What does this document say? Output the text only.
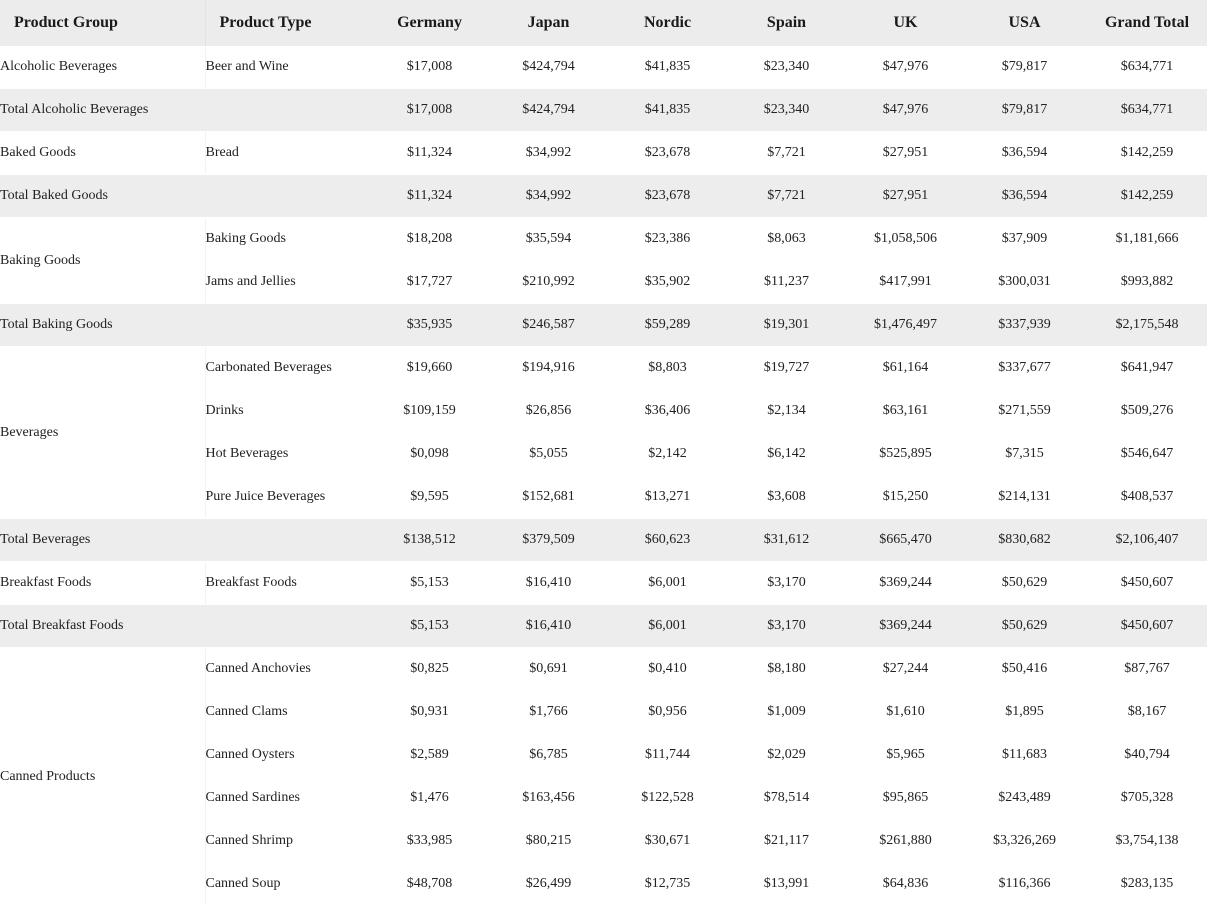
Product Group	Product Type	Germany	Japan	Nordic	Spain	UK	USA	Grand Total
Alcoholic Beverages	Beer and Wine	$17,008	$424,794	$41,835	$23,340	$47,976	$79,817	$634,771
Total Alcoholic Beverages		$17,008	$424,794	$41,835	$23,340	$47,976	$79,817	$634,771
Baked Goods	Bread	$11,324	$34,992	$23,678	$7,721	$27,951	$36,594	$142,259
Total Baked Goods		$11,324	$34,992	$23,678	$7,721	$27,951	$36,594	$142,259
Baking Goods	Baking Goods	$18,208	$35,594	$23,386	$8,063	$1,058,506	$37,909	$1,181,666
	Jams and Jellies	$17,727	$210,992	$35,902	$11,237	$417,991	$300,031	$993,882
Total Baking Goods		$35,935	$246,587	$59,289	$19,301	$1,476,497	$337,939	$2,175,548
Beverages	Carbonated Beverages	$19,660	$194,916	$8,803	$19,727	$61,164	$337,677	$641,947
	Drinks	$109,159	$26,856	$36,406	$2,134	$63,161	$271,559	$509,276
	Hot Beverages	$0,098	$5,055	$2,142	$6,142	$525,895	$7,315	$546,647
	Pure Juice Beverages	$9,595	$152,681	$13,271	$3,608	$15,250	$214,131	$408,537
Total Beverages		$138,512	$379,509	$60,623	$31,612	$665,470	$830,682	$2,106,407
Breakfast Foods	Breakfast Foods	$5,153	$16,410	$6,001	$3,170	$369,244	$50,629	$450,607
Total Breakfast Foods		$5,153	$16,410	$6,001	$3,170	$369,244	$50,629	$450,607
Canned Products	Canned Anchovies	$0,825	$0,691	$0,410	$8,180	$27,244	$50,416	$87,767
	Canned Clams	$0,931	$1,766	$0,956	$1,009	$1,610	$1,895	$8,167
	Canned Oysters	$2,589	$6,785	$11,744	$2,029	$5,965	$11,683	$40,794
	Canned Sardines	$1,476	$163,456	$122,528	$78,514	$95,865	$243,489	$705,328
	Canned Shrimp	$33,985	$80,215	$30,671	$21,117	$261,880	$3,326,269	$3,754,138
	Canned Soup	$48,708	$26,499	$12,735	$13,991	$64,836	$116,366	$283,135
